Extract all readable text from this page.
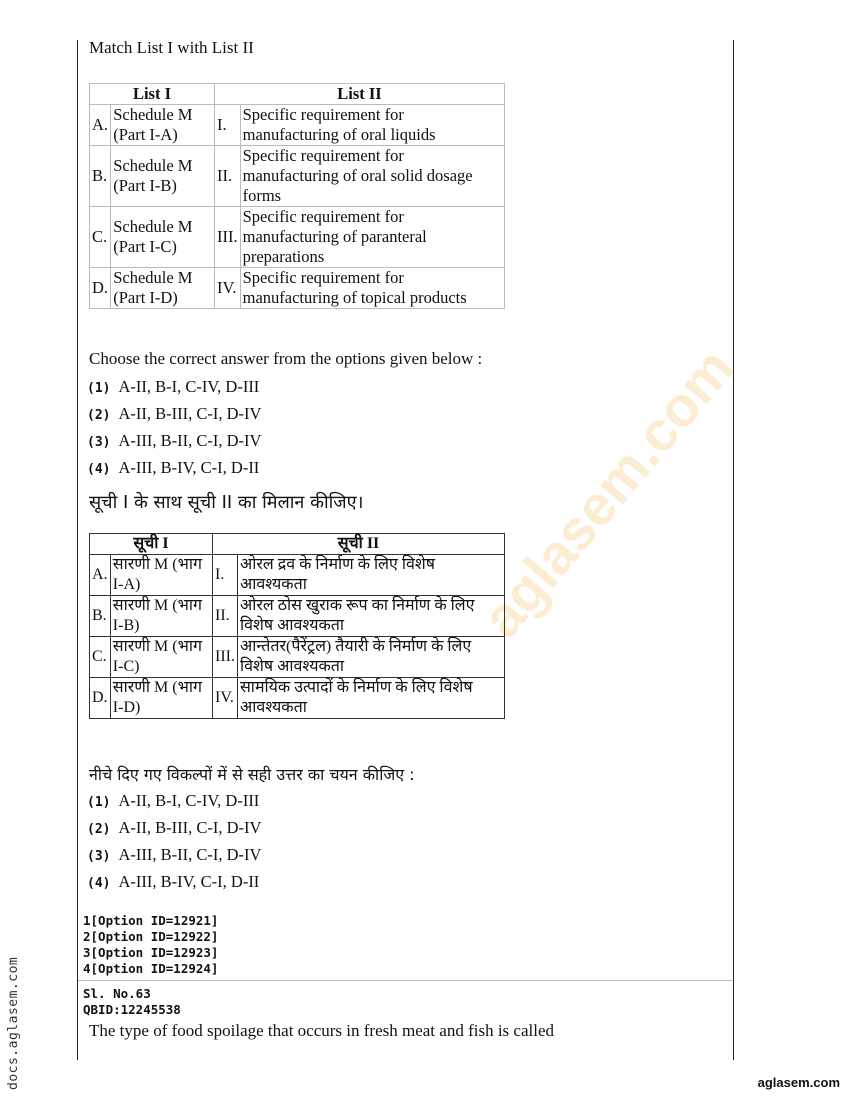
aglasem.com
Match List I with List II
List I		List II	
A.	Schedule M (Part I-A)	I.	Specific requirement for manufacturing of oral liquids
B.	Schedule M (Part I-B)	II.	Specific requirement for manufacturing of oral solid dosage forms
C.	Schedule M (Part I-C)	III.	Specific requirement for manufacturing of paranteral preparations
D.	Schedule M (Part I-D)	IV.	Specific requirement for manufacturing of topical products
Choose the correct answer from the options given below :
(1) A-II, B-I, C-IV, D-III
(2) A-II, B-III, C-I, D-IV
(3) A-III, B-II, C-I, D-IV
(4) A-III, B-IV, C-I, D-II
सूची I के साथ सूची II का मिलान कीजिए।
सूची I		सूची II	
A.	सारणी M (भाग I-A)	I.	ओरल द्रव के निर्माण के लिए विशेष आवश्यकता
B.	सारणी M (भाग I-B)	II.	ओरल ठोस खुराक रूप का निर्माण के लिए विशेष आवश्यकता
C.	सारणी M (भाग I-C)	III.	आन्तेतर(पैरेंट्रल) तैयारी के निर्माण के लिए विशेष आवश्यकता
D.	सारणी M (भाग I-D)	IV.	सामयिक उत्पादों के निर्माण के लिए विशेष आवश्यकता
नीचे दिए गए विकल्पों में से सही उत्तर का चयन कीजिए :
(1) A-II, B-I, C-IV, D-III
(2) A-II, B-III, C-I, D-IV
(3) A-III, B-II, C-I, D-IV
(4) A-III, B-IV, C-I, D-II
1[Option ID=12921]
2[Option ID=12922]
3[Option ID=12923]
4[Option ID=12924]
Sl. No.63
QBID:12245538
The type of food spoilage that occurs in fresh meat and fish is called
docs.aglasem.com	aglasem.com
